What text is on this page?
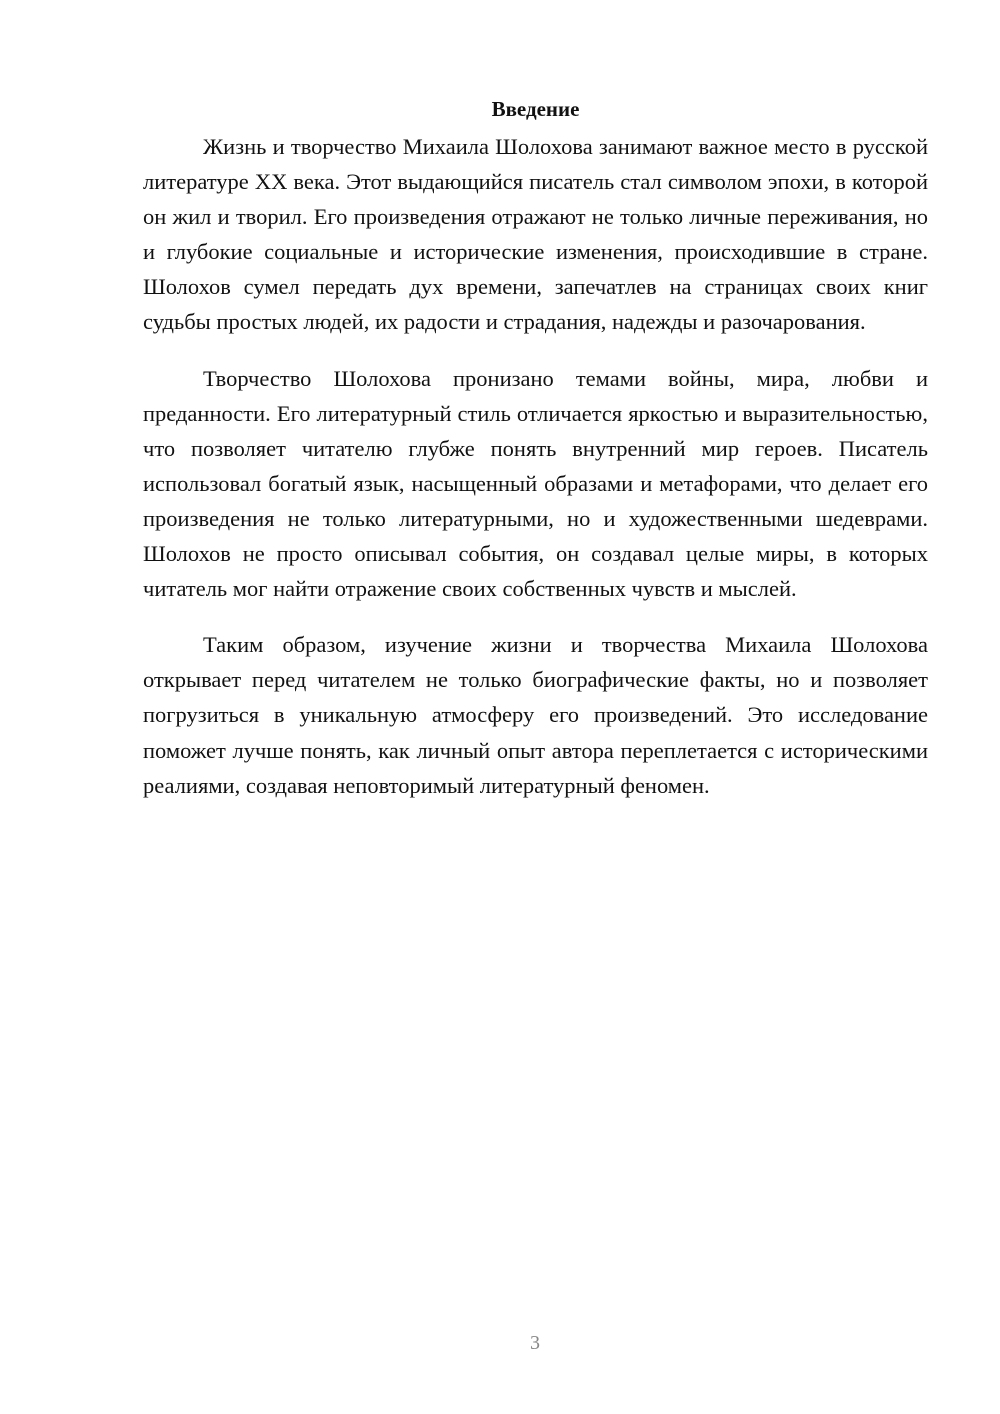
Введение

Жизнь и творчество Михаила Шолохова занимают важное место в русской литературе XX века. Этот выдающийся писатель стал символом эпохи, в которой он жил и творил. Его произведения отражают не только личные переживания, но и глубокие социальные и исторические изменения, происходившие в стране. Шолохов сумел передать дух времени, запечатлев на страницах своих книг судьбы простых людей, их радости и страдания, надежды и разочарования.

Творчество Шолохова пронизано темами войны, мира, любви и преданности. Его литературный стиль отличается яркостью и выразительностью, что позволяет читателю глубже понять внутренний мир героев. Писатель использовал богатый язык, насыщенный образами и метафорами, что делает его произведения не только литературными, но и художественными шедеврами. Шолохов не просто описывал события, он создавал целые миры, в которых читатель мог найти отражение своих собственных чувств и мыслей.

Таким образом, изучение жизни и творчества Михаила Шолохова открывает перед читателем не только биографические факты, но и позволяет погрузиться в уникальную атмосферу его произведений. Это исследование поможет лучше понять, как личный опыт автора переплетается с историческими реалиями, создавая неповторимый литературный феномен.

3
